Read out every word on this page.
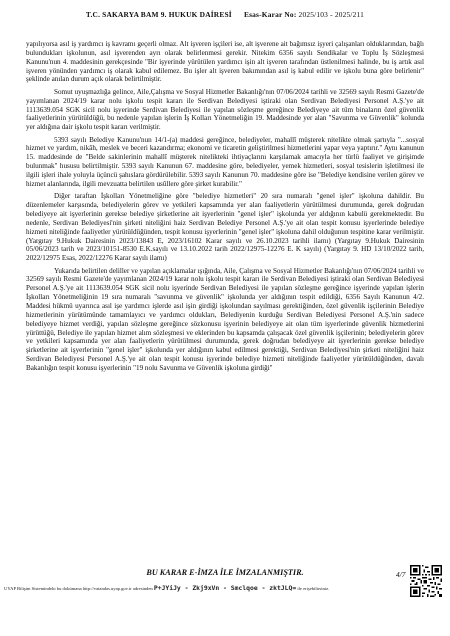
T.C. SAKARYA BAM 9. HUKUK DAİRESİ Esas-Karar No: 2025/103 - 2025/211

yapılıyorsa asıl iş yardımcı iş kavramı geçerli olmaz. Alt işveren işçileri ise, alt işverene ait bağımsız işyeri çalışanları olduklarından, bağlı bulundukları işkolunun, asıl işverenden ayrı olarak belirlenmesi gerekir. Nitekim 6356 sayılı Sendikalar ve Toplu İş Sözleşmesi Kanunu'nun 4. maddesinin gerekçesinde "Bir işyerinde yürütülen yardımcı işin alt işveren tarafından üstlenilmesi halinde, bu iş artık asıl işveren yönünden yardımcı iş olarak kabul edilemez. Bu işler alt işveren bakımından asıl iş kabul edilir ve işkolu buna göre belirlenir" şeklinde anılan durum açık olarak belirtilmiştir.

Somut uyuşmazlığa gelince, Aile,Çalışma ve Sosyal Hizmetler Bakanlığı'nın 07/06/2024 tarihli ve 32569 sayılı Resmi Gazete'de yayımlanan 2024/19 karar nolu işkolu tespit kararı ile Serdivan Belediyesi iştiraki olan Serdivan Belediyesi Personel A.Ş.'ye ait 1113639.054 SGK sicil nolu işyerinde Serdivan Belediyesi ile yapılan sözleşme gereğince Belediyeye ait tüm binaların özel güvenlik faaliyetlerinin yürütüldüğü, bu nedenle yapılan işlerin İş Kolları Yönetmeliğin 19. Maddesinde yer alan "Savunma ve Güvenlik" kolunda yer aldığına dair işkolu tespit kararı verilmiştir.

5393 sayılı Belediye Kanunu'nun 14/1-(a) maddesi gereğince, belediyeler, mahallî müşterek nitelikte olmak şartıyla "...sosyal hizmet ve yardım, nikâh, meslek ve beceri kazandırma; ekonomi ve ticaretin geliştirilmesi hizmetlerini yapar veya yaptırır." Aynı kanunun 15. maddesinde de "Belde sakinlerinin mahallî müşterek nitelikteki ihtiyaçlarını karşılamak amacıyla her türlü faaliyet ve girişimde bulunmak" hususu belirtilmiştir. 5393 sayılı Kanunun 67. maddesine göre, belediyeler, yemek hizmetleri, sosyal tesislerin işletilmesi ile ilgili işleri ihale yoluyla üçüncü şahıslara gördürülebilir. 5393 sayılı Kanunun 70. maddesine göre ise "Belediye kendisine verilen görev ve hizmet alanlarında, ilgili mevzuatta belirtilen usûllere göre şirket kurabilir."

Diğer taraftan İşkolları Yönetmeliğine göre "belediye hizmetleri" 20 sıra numaralı "genel işler" işkoluna dahildir. Bu düzenlemeler karşısında, belediyelerin görev ve yetkileri kapsamında yer alan faaliyetlerin yürütülmesi durumunda, gerek doğrudan belediyeye ait işyerlerinin gerekse belediye şirketlerine ait işyerlerinin "genel işler" işkolunda yer aldığının kabulü gerekmektedir. Bu nedenle, Serdivan Belediyesi'nin şirketi niteliğini haiz Serdivan Belediye Personel A.Ş.'ye ait olan tespit konusu işyerlerinde belediye hizmeti niteliğinde faaliyetler yürütüldüğünden, tespit konusu işyerlerinin "genel işler" işkoluna dahil olduğunun tespitine karar verilmiştir. (Yargıtay 9.Hukuk Dairesinin 2023/13843 E, 2023/16102 Karar sayılı ve 26.10.2023 tarihli ilamı) (Yargıtay 9.Hukuk Dairesinin 05/06/2023 tarih ve 2023/10151-8530 E.K.sayılı ve 13.10.2022 tarih 2022/12975-12276 E. K sayılı) (Yargıtay 9. HD 13/10/2022 tarih, 2022/12975 Esas, 2022/12276 Karar sayılı ilamı)

Yukarıda belirtilen deliller ve yapılan açıklamalar ışığında, Aile, Çalışma ve Sosyal Hizmetler Bakanlığı'nın 07/06/2024 tarihli ve 32569 sayılı Resmi Gazete'de yayımlanan 2024/19 karar nolu işkolu tespit kararı ile Serdivan Belediyesi iştiraki olan Serdivan Belediyesi Personel A.Ş.'ye ait 1113639.054 SGK sicil nolu işyerinde Serdivan Belediyesi ile yapılan sözleşme gereğince işyerinde yapılan işlerin İşkolları Yönetmeliğinin 19 sıra numaralı "savunma ve güvenlik" işkolunda yer aldığının tespit edildiği, 6356 Sayılı Kanunun 4/2. Maddesi hükmü uyarınca asıl işe yardımcı işlerde asıl işin girdiği işkolundan sayılması gerektiğinden, özel güvenlik işçilerinin Belediye hizmetlerinin yürütümünde tamamlayıcı ve yardımcı oldukları, Belediyenin kurduğu Serdivan Belediyesi Personel A.Ş.'nin sadece belediyeye hizmet verdiği, yapılan sözleşme gereğince sözkonusu işyerinin belediyeye ait olan tüm işyerlerinde güvenlik hizmetlerini yürüttüğü, Belediye ile yapılan hizmet alım sözleşmesi ve eklerinden bu kapsamda çalışacak özel güvenlik işçilerinin; belediyelerin görev ve yetkileri kapsamında yer alan faaliyetlerin yürütülmesi durumunda, gerek doğrudan belediyeye ait işyerlerinin gerekse belediye şirketlerine ait işyerlerinin "genel işler" işkolunda yer aldığının kabul edilmesi gerektiği, Serdivan Belediyesi'nin şirketi niteliğini haiz Serdivan Belediyesi Personel A.Ş.'ye ait olan tespit konusu işyerinde belediye hizmeti niteliğinde faaliyetler yürütüldüğünden, davalı Bakanlığın tespit konusu işyerlerinin "19 nolu Savunma ve Güvenlik işkoluna girdiği"

BU KARAR E-İMZA İLE İMZALANMIŞTIR.	4/7
UYAP Bilişim Sistemindeki bu dokümana http://vatandas.uyap.gov.tr adresinden P+JYiJy - Zkj9xVn - Smclqoe - zktJLQ= ile erişebilirsiniz.
